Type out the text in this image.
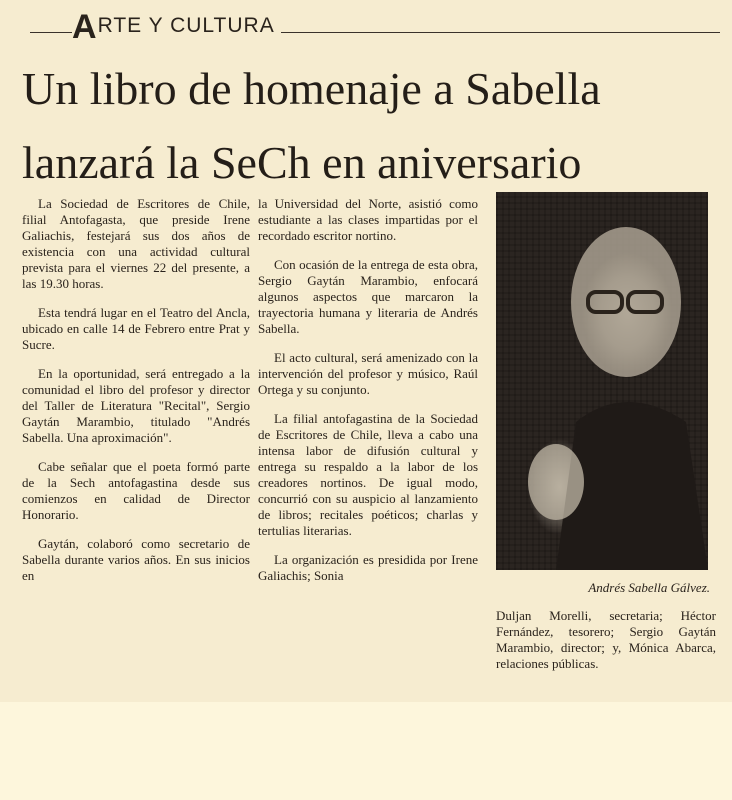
ARTE Y CULTURA
Un libro de homenaje a Sabella
lanzará la SeCh en aniversario

La Sociedad de Escritores de Chile, filial Antofagasta, que preside Irene Galiachis, festejará sus dos años de existencia con una actividad cultural prevista para el viernes 22 del presente, a las 19.30 horas.

Esta tendrá lugar en el Teatro del Ancla, ubicado en calle 14 de Febrero entre Prat y Sucre.

En la oportunidad, será entregado a la comunidad el libro del profesor y director del Taller de Literatura "Recital", Sergio Gaytán Marambio, titulado "Andrés Sabella. Una aproximación".

Cabe señalar que el poeta formó parte de la Sech antofagastina desde sus comienzos en calidad de Director Honorario.

Gaytán, colaboró como secretario de Sabella durante varios años. En sus inicios en

la Universidad del Norte, asistió como estudiante a las clases impartidas por el recordado escritor nortino.

Con ocasión de la entrega de esta obra, Sergio Gaytán Marambio, enfocará algunos aspectos que marcaron la trayectoria humana y literaria de Andrés Sabella.

El acto cultural, será amenizado con la intervención del profesor y músico, Raúl Ortega y su conjunto.

La filial antofagastina de la Sociedad de Escritores de Chile, lleva a cabo una intensa labor de difusión cultural y entrega su respaldo a la labor de los creadores nortinos. De igual modo, concurrió con su auspicio al lanzamiento de libros; recitales poéticos; charlas y tertulias literarias.

La organización es presidida por Irene Galiachis; Sonia

Andrés Sabella Gálvez.

Duljan Morelli, secretaria; Héctor Fernández, tesorero; Sergio Gaytán Marambio, director; y, Mónica Abarca, relaciones públicas.
